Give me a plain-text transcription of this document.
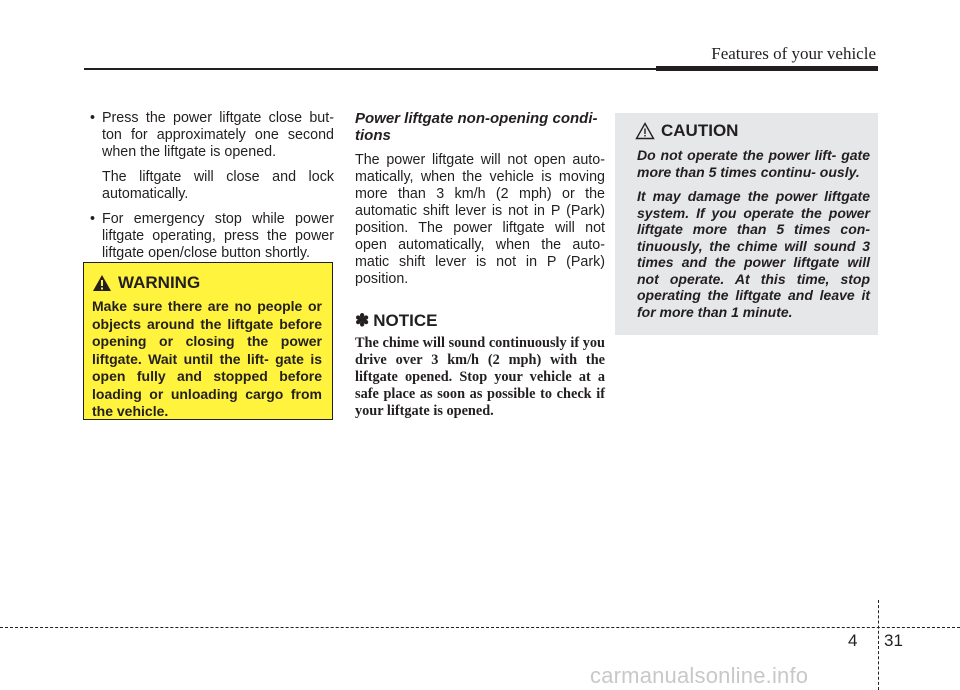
Features of your vehicle
• Press the power liftgate close but- ton for approximately one second when the liftgate is opened.

The liftgate will close and lock automatically.

• For emergency stop while power liftgate operating, press the power liftgate open/close button shortly.
WARNING
Make sure there are no people or objects around the liftgate before opening or closing the power liftgate. Wait until the lift- gate is open fully and stopped before loading or unloading cargo from the vehicle.

Power liftgate non-opening condi- tions

The power liftgate will not open auto- matically, when the vehicle is moving more than 3 km/h (2 mph) or the automatic shift lever is not in P (Park) position. The power liftgate will not open automatically, when the auto- matic shift lever is not in P (Park) position.

✽ NOTICE
The chime will sound continuously if you drive over 3 km/h (2 mph) with the liftgate opened. Stop your vehicle at a safe place as soon as possible to check if your liftgate is opened.
CAUTION

Do not operate the power lift- gate more than 5 times continu- ously.

It may damage the power liftgate system. If you operate the power liftgate more than 5 times con- tinuously, the chime will sound 3 times and the power liftgate will not operate. At this time, stop operating the liftgate and leave it for more than 1 minute.

4 31
carmanualsonline.info
